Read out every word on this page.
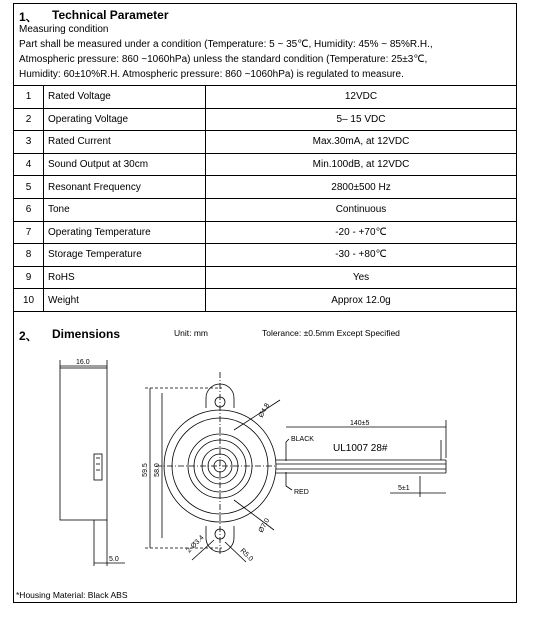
1、 Technical Parameter
Measuring condition
Part shall be measured under a condition (Temperature: 5 ~ 35℃, Humidity: 45% ~ 85%R.H.,
Atmospheric pressure: 860 ~1060hPa) unless the standard condition (Temperature: 25±3℃,
Humidity: 60±10%R.H. Atmospheric pressure: 860 ~1060hPa) is regulated to measure.
1	Rated Voltage	12VDC
2	Operating Voltage	5– 15 VDC
3	Rated Current	Max.30mA, at 12VDC
4	Sound Output at 30cm	Min.100dB, at 12VDC
5	Resonant Frequency	2800±500 Hz
6	Tone	Continuous
7	Operating Temperature	-20 - +70℃
8	Storage Temperature	-30 - +80℃
9	RoHS	Yes
10	Weight	Approx 12.0g
2、 Dimensions	Unit: mm	Tolerance: ±0.5mm Except Specified
16.0
5.0
59.5 58.0
Ø4.8
140±5
BLACK
UL1007 28#
RED
5±1
Ø7.0
R5.0
2-Ø3.4
*Housing Material: Black ABS
